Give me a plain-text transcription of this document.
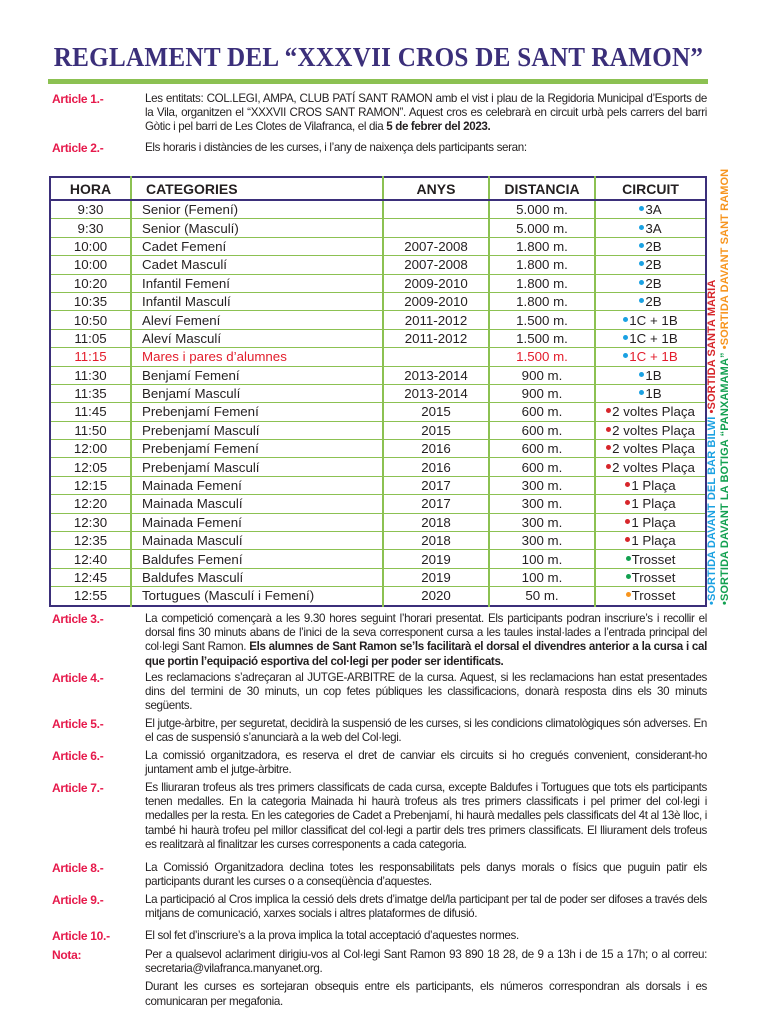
REGLAMENT DEL “XXXVII CROS DE SANT RAMON”
Article 1.-	Les entitats: COL.LEGI, AMPA, CLUB PATÍ SANT RAMON amb el vist i plau de la Regidoria Municipal d’Esports de la Vila, organitzen el “XXXVII CROS SANT RAMON”. Aquest cros es celebrarà en circuit urbà pels carrers del barri Gòtic i pel barri de Les Clotes de Vilafranca, el dia 5 de febrer del 2023.
Article 2.-	Els horaris i distàncies de les curses, i l’any de naixença dels participants seran:
HORA	CATEGORIES	ANYS	DISTANCIA	CIRCUIT
9:30	Senior (Femení)		5.000 m.	3A
9:30	Senior (Masculí)		5.000 m.	3A
10:00	Cadet Femení	2007-2008	1.800 m.	2B
10:00	Cadet Masculí	2007-2008	1.800 m.	2B
10:20	Infantil Femení	2009-2010	1.800 m.	2B
10:35	Infantil Masculí	2009-2010	1.800 m.	2B
10:50	Aleví Femení	2011-2012	1.500 m.	1C + 1B
11:05	Aleví Masculí	2011-2012	1.500 m.	1C + 1B
11:15	Mares i pares d’alumnes		1.500 m.	1C + 1B
11:30	Benjamí Femení	2013-2014	900 m.	1B
11:35	Benjamí Masculí	2013-2014	900 m.	1B
11:45	Prebenjamí Femení	2015	600 m.	2 voltes Plaça
11:50	Prebenjamí Masculí	2015	600 m.	2 voltes Plaça
12:00	Prebenjamí Femení	2016	600 m.	2 voltes Plaça
12:05	Prebenjamí Masculí	2016	600 m.	2 voltes Plaça
12:15	Mainada Femení	2017	300 m.	1 Plaça
12:20	Mainada Masculí	2017	300 m.	1 Plaça
12:30	Mainada Femení	2018	300 m.	1 Plaça
12:35	Mainada Masculí	2018	300 m.	1 Plaça
12:40	Baldufes Femení	2019	100 m.	Trosset
12:45	Baldufes Masculí	2019	100 m.	Trosset
12:55	Tortugues (Masculí i Femení)	2020	50 m.	Trosset	•SORTIDA DAVANT DEL BAR BILWI •SORTIDA SANTA MARIA
•SORTIDA DAVANT LA BOTIGA “PANXAMAMA” •SORTIDA DAVANT SANT RAMON
Article 3.-	La competició començarà a les 9.30 hores seguint l’horari presentat. Els participants podran inscriure’s i recollir el dorsal fins 30 minuts abans de l’inici de la seva corresponent cursa a les taules instal·lades a l’entrada principal del col·legi Sant Ramon. Els alumnes de Sant Ramon se’ls facilitarà el dorsal el divendres anterior a la cursa i cal que portin l’equipació esportiva del col·legi per poder ser identificats.
Article 4.-	Les reclamacions s’adreçaran al JUTGE-ARBITRE de la cursa. Aquest, si les reclamacions han estat presentades dins del termini de 30 minuts, un cop fetes públiques les classificacions, donarà resposta dins els 30 minuts següents.
Article 5.-	El jutge-àrbitre, per seguretat, decidirà la suspensió de les curses, si les condicions climatològiques són adverses. En el cas de suspensió s’anunciarà a la web del Col·legi.
Article 6.-	La comissió organitzadora, es reserva el dret de canviar els circuits si ho cregués convenient, considerant-ho juntament amb el jutge-àrbitre.
Article 7.-	Es lliuraran trofeus als tres primers classificats de cada cursa, excepte Baldufes i Tortugues que tots els participants tenen medalles. En la categoria Mainada hi haurà trofeus als tres primers classificats i pel primer del col·legi i medalles per la resta. En les categories de Cadet a Prebenjamí, hi haurà medalles pels classificats del 4t al 13è lloc, i també hi haurà trofeu pel millor classificat del col·legi a partir dels tres primers classificats. El lliurament dels trofeus es realitzarà al finalitzar les curses corresponents a cada categoria.
Article 8.-	La Comissió Organitzadora declina totes les responsabilitats pels danys morals o físics que puguin patir els participants durant les curses o a conseqüència d’aquestes.
Article 9.-	La participació al Cros implica la cessió dels drets d’imatge del/la participant per tal de poder ser difoses a través dels mitjans de comunicació, xarxes socials i altres plataformes de difusió.
Article 10.-	El sol fet d’inscriure’s a la prova implica la total acceptació d’aquestes normes.
Nota:	Per a qualsevol aclariment dirigiu-vos al Col·legi Sant Ramon 93 890 18 28, de 9 a 13h i de 15 a 17h; o al correu: secretaria@vilafranca.manyanet.org.

Durant les curses es sortejaran obsequis entre els participants, els números correspondran als dorsals i es comunicaran per megafonia.
